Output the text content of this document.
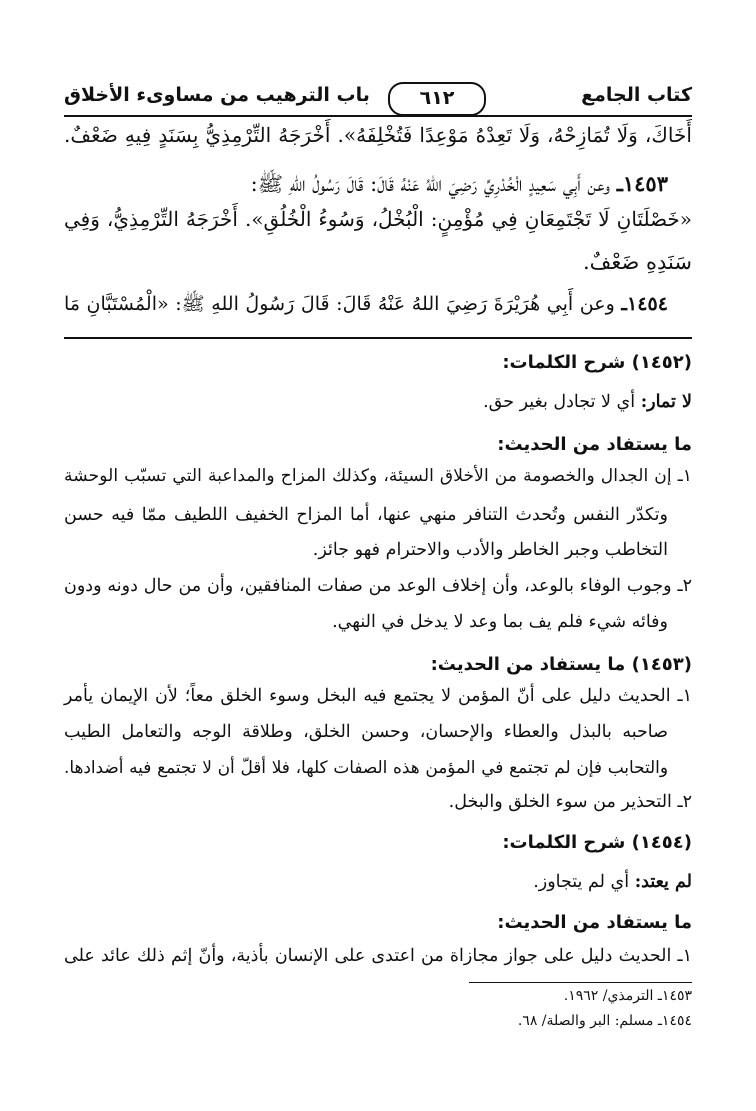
كتاب الجامع
٦١٢
باب الترهيب من مساوىء الأخلاق
أَخَاكَ، وَلَا تُمَازِحْهُ، وَلَا تَعِدْهُ مَوْعِدًا فَتُخْلِفَهُ». أَخْرَجَهُ التِّرْمِذِيُّ بِسَنَدٍ فِيهِ ضَعْفٌ.
١٤٥٣ـ وعن أَبِي سَعِيدٍ الْخُدْرِيِّ رَضِيَ اللهُ عَنْهُ قَالَ: قَالَ رَسُولُ اللهِ ﷺ:
«خَصْلَتَانِ لَا تَجْتَمِعَانِ فِي مُؤْمِنٍ: الْبُخْلُ، وَسُوءُ الْخُلُقِ». أَخْرَجَهُ التِّرْمِذِيُّ، وَفِي
سَنَدِهِ ضَعْفٌ.
١٤٥٤ـ وعن أَبِي هُرَيْرَةَ رَضِيَ اللهُ عَنْهُ قَالَ: قَالَ رَسُولُ اللهِ ﷺ: «الْمُسْتَبَّانِ مَا
(١٤٥٢) شرح الكلمات:
لا تمار: أي لا تجادل بغير حق.
ما يستفاد من الحديث:
١ـ إن الجدال والخصومة من الأخلاق السيئة، وكذلك المزاح والمداعبة التي تسبّب الوحشة
وتكدّر النفس وتُحدث التنافر منهي عنها، أما المزاح الخفيف اللطيف ممّا فيه حسن
التخاطب وجبر الخاطر والأدب والاحترام فهو جائز.
٢ـ وجوب الوفاء بالوعد، وأن إخلاف الوعد من صفات المنافقين، وأن من حال دونه ودون
وفائه شيء فلم يف بما وعد لا يدخل في النهي.
(١٤٥٣) ما يستفاد من الحديث:
١ـ الحديث دليل على أنّ المؤمن لا يجتمع فيه البخل وسوء الخلق معاً؛ لأن الإيمان يأمر
صاحبه بالبذل والعطاء والإحسان، وحسن الخلق، وطلاقة الوجه والتعامل الطيب
والتحابب فإن لم تجتمع في المؤمن هذه الصفات كلها، فلا أقلّ أن لا تجتمع فيه أضدادها.
٢ـ التحذير من سوء الخلق والبخل.
(١٤٥٤) شرح الكلمات:
لم يعتد: أي لم يتجاوز.
ما يستفاد من الحديث:
١ـ الحديث دليل على جواز مجازاة من اعتدى على الإنسان بأذية، وأنّ إثم ذلك عائد على
١٤٥٣ـ الترمذي/ ١٩٦٢.
١٤٥٤ـ مسلم: البر والصلة/ ٦٨.
